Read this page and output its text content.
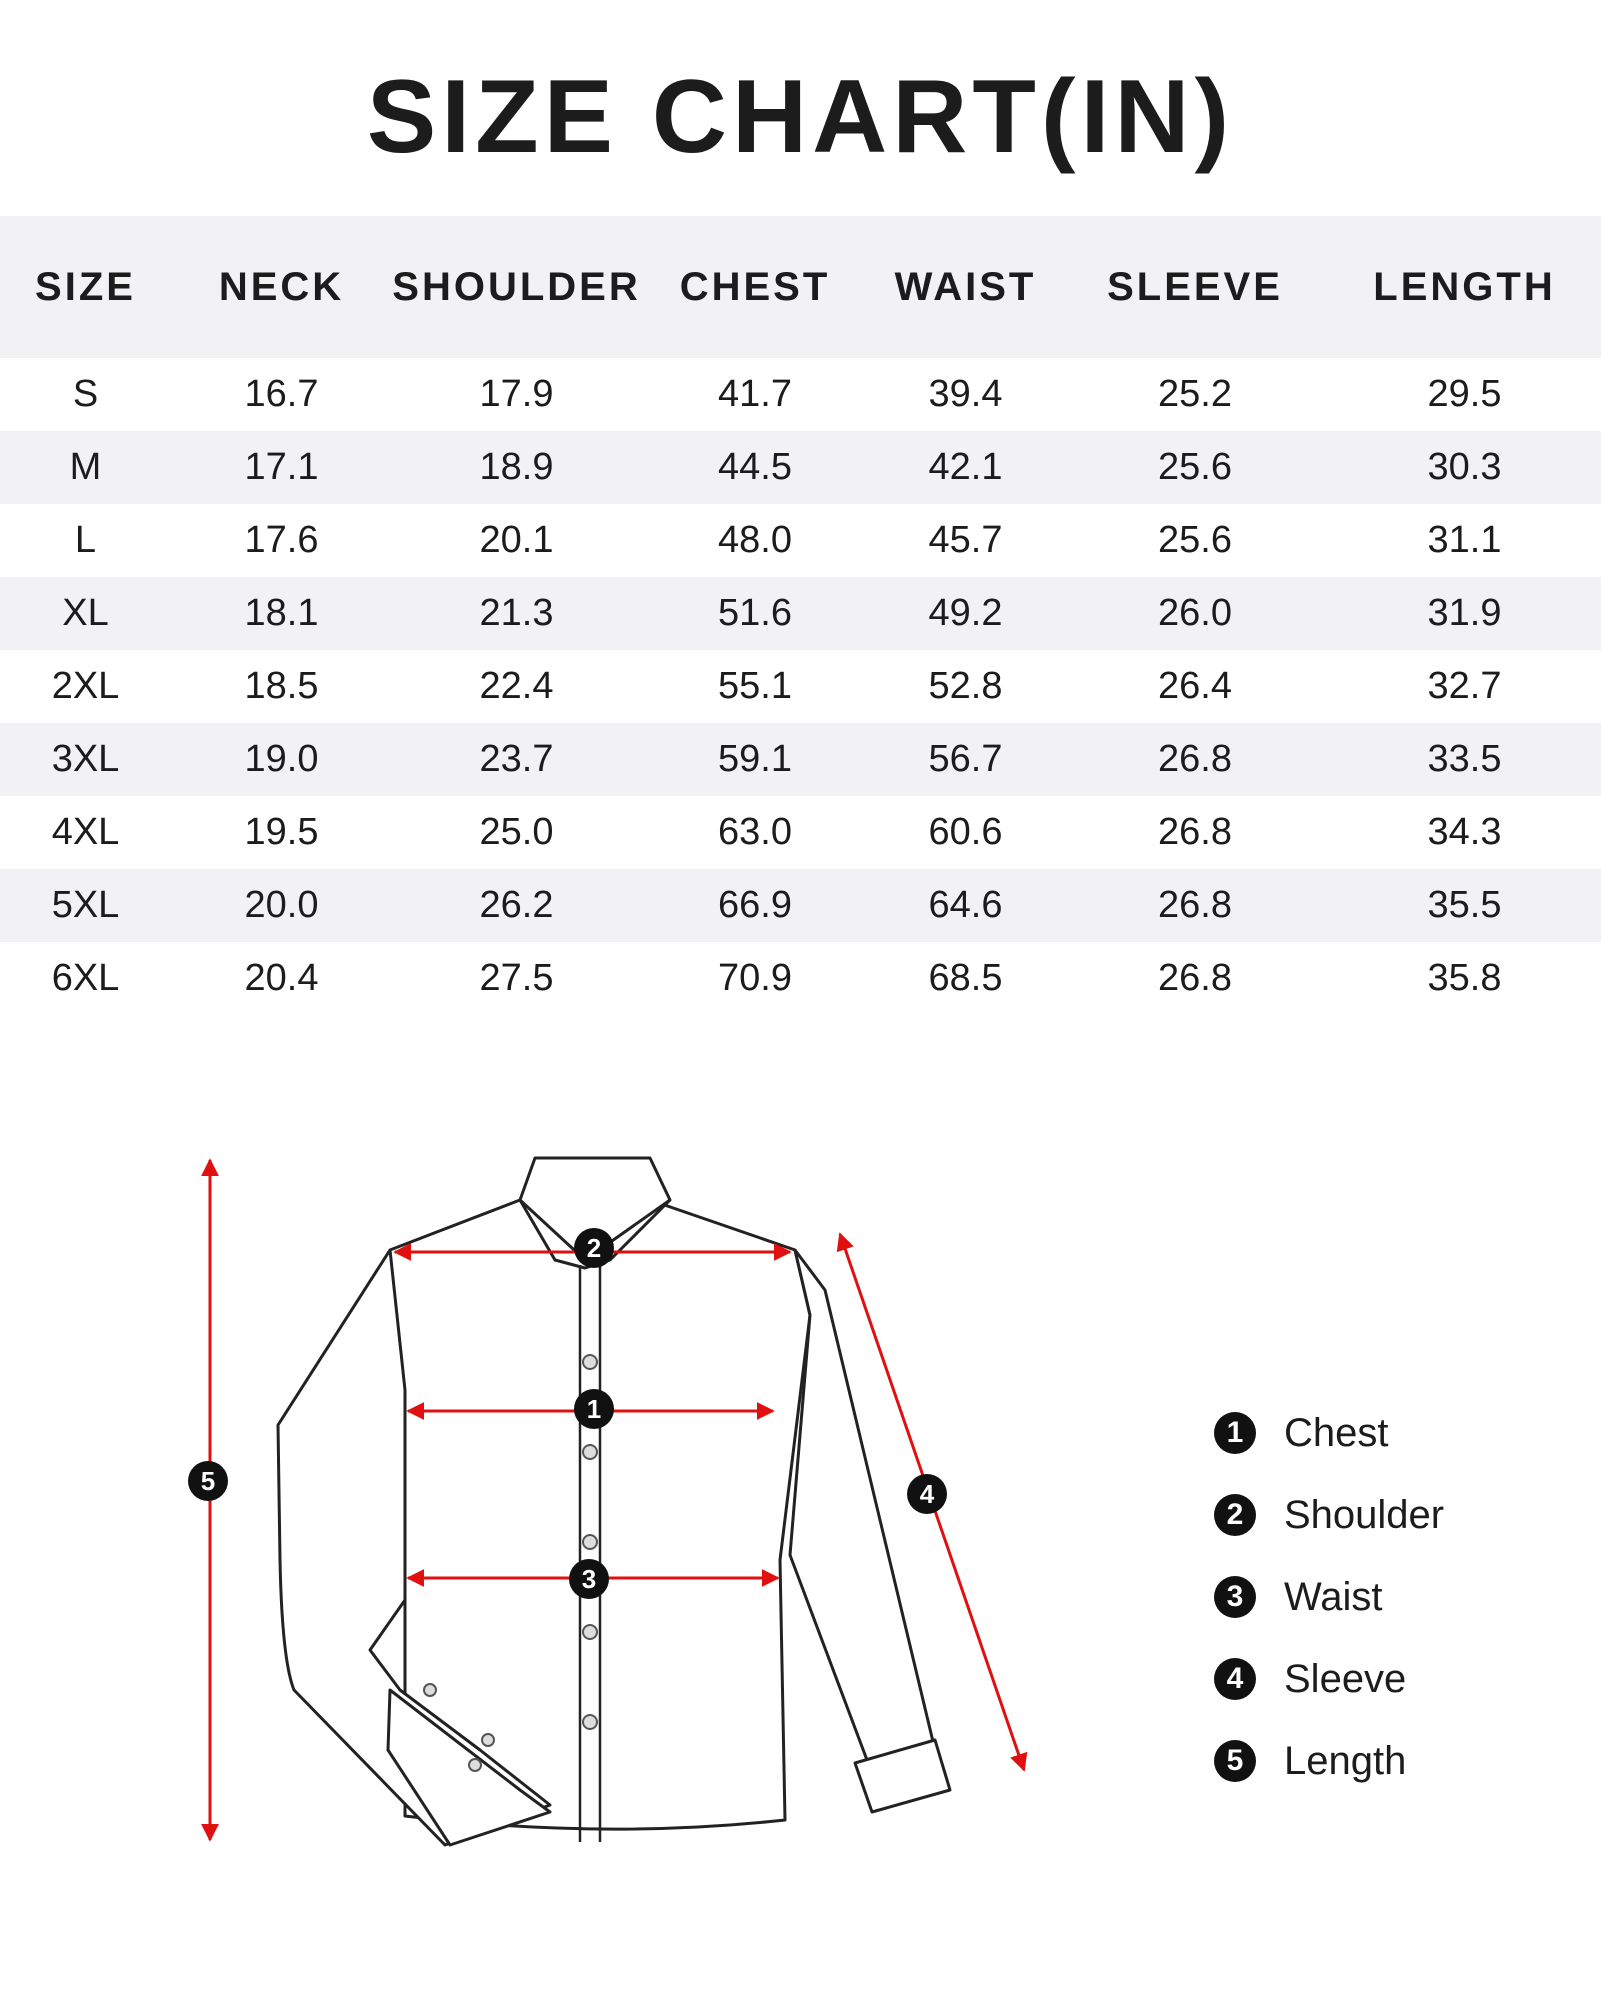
SIZE CHART(IN)
SIZE	NECK	SHOULDER	CHEST	WAIST	SLEEVE	LENGTH
S	16.7	17.9	41.7	39.4	25.2	29.5
M	17.1	18.9	44.5	42.1	25.6	30.3
L	17.6	20.1	48.0	45.7	25.6	31.1
XL	18.1	21.3	51.6	49.2	26.0	31.9
2XL	18.5	22.4	55.1	52.8	26.4	32.7
3XL	19.0	23.7	59.1	56.7	26.8	33.5
4XL	19.5	25.0	63.0	60.6	26.8	34.3
5XL	20.0	26.2	66.9	64.6	26.8	35.5
6XL	20.4	27.5	70.9	68.5	26.8	35.8
2
1
3
4
5
1	Chest
2	Shoulder
3	Waist
4	Sleeve
5	Length
